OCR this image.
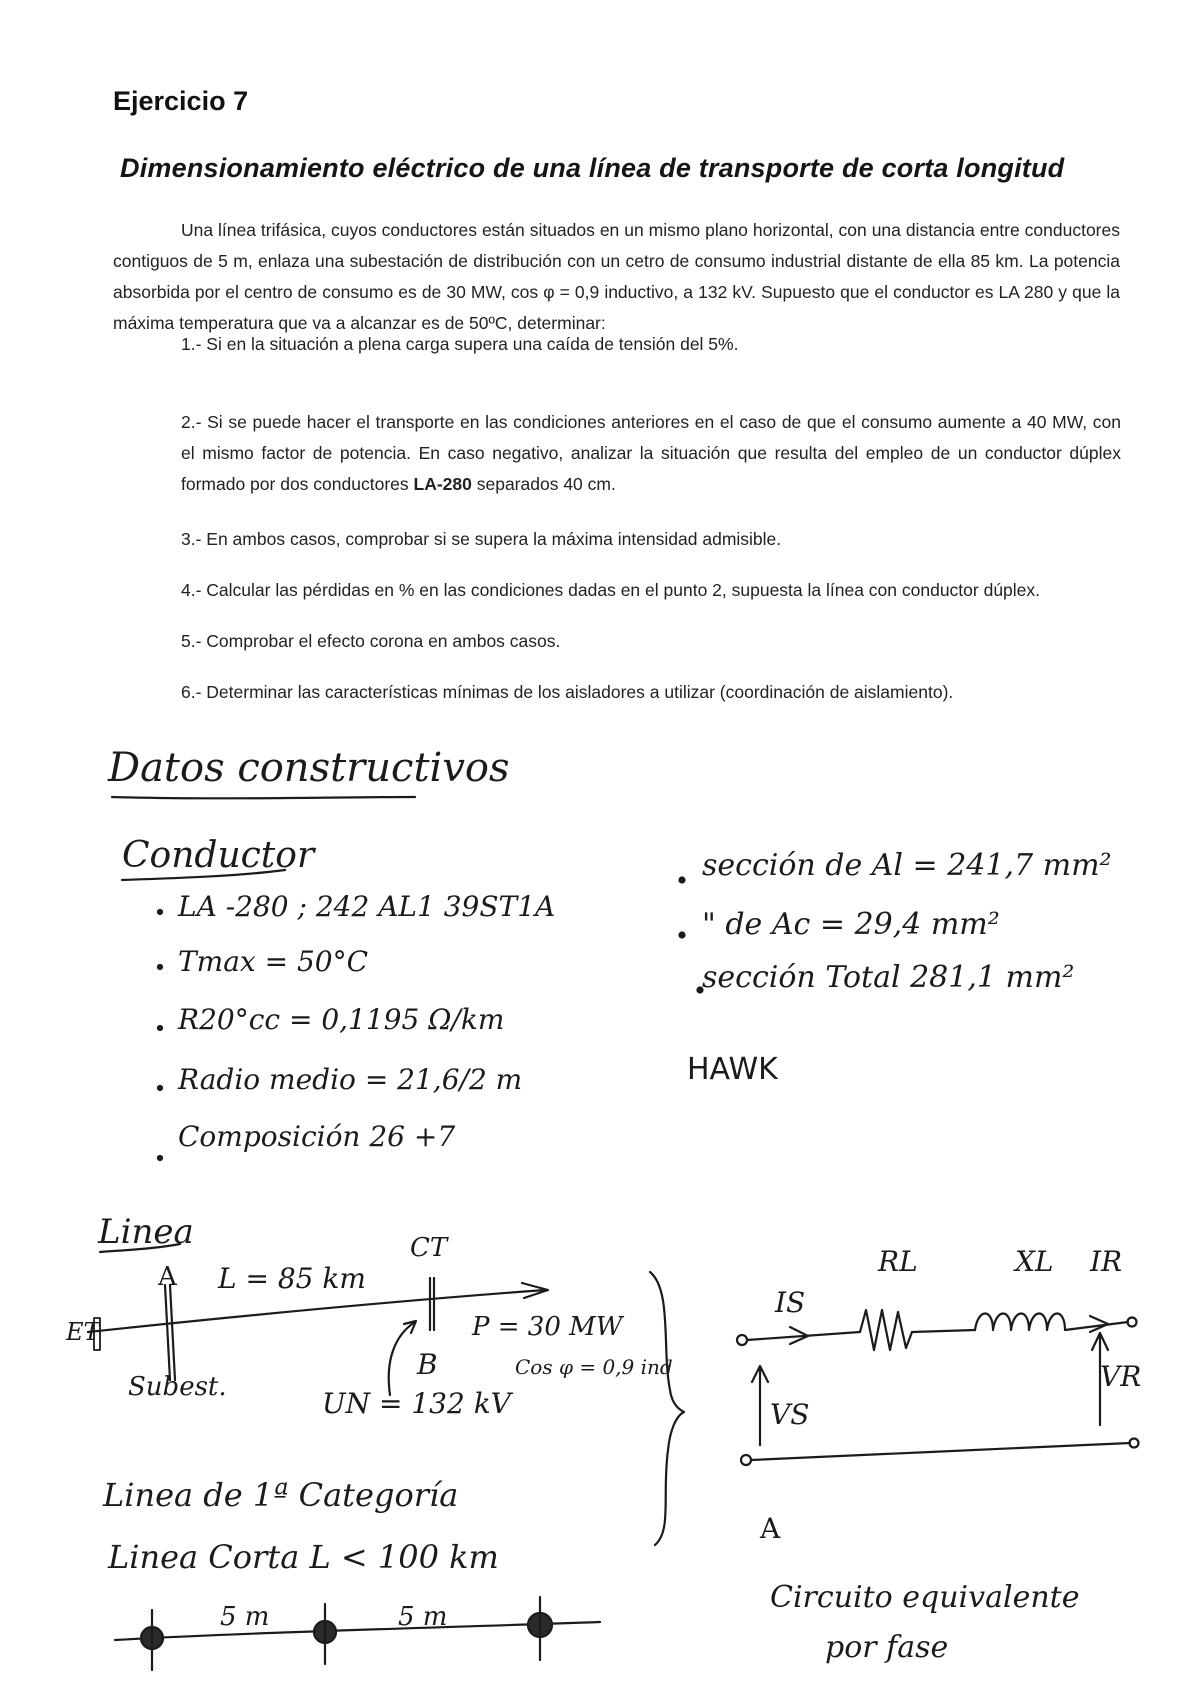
Ejercicio 7
Dimensionamiento eléctrico de una línea de transporte de corta longitud
Una línea trifásica, cuyos conductores están situados en un mismo plano horizontal, con una distancia entre conductores contiguos de 5 m, enlaza una subestación de distribución con un cetro de consumo industrial distante de ella 85 km. La potencia absorbida por el centro de consumo es de 30 MW, cos φ = 0,9 inductivo, a 132 kV. Supuesto que el conductor es LA 280 y que la máxima temperatura que va a alcanzar es de 50ºC, determinar:
1.- Si en la situación a plena carga supera una caída de tensión del 5%.
2.- Si se puede hacer el transporte en las condiciones anteriores en el caso de que el consumo aumente a 40 MW, con el mismo factor de potencia. En caso negativo, analizar la situación que resulta del empleo de un conductor dúplex formado por dos conductores LA-280 separados 40 cm.
3.- En ambos casos, comprobar si se supera la máxima intensidad admisible.
4.- Calcular las pérdidas en % en las condiciones dadas en el punto 2, supuesta la línea con conductor dúplex.
5.- Comprobar el efecto corona en ambos casos.
6.- Determinar las características mínimas de los aisladores a utilizar (coordinación de aislamiento).
Datos constructivos
Conductor
LA -280 ; 242 AL1 39ST1A
Tmax = 50°C
R20°cc = 0,1195 Ω/km
Radio medio = 21,6/2 m
Composición 26 +7
sección de Al = 241,7 mm²
" de Ac = 29,4 mm²
sección Total 281,1 mm²
HAWK
Linea
A L = 85 km
CT
ET
Subest.
B
P = 30 MW
Cos φ = 0,9 ind
UN = 132 kV
Linea de 1ª Categoría
Linea Corta L < 100 km
5 m	5 m
RL	XL IR
IS
VR
VS
A
Circuito equivalente
por fase
